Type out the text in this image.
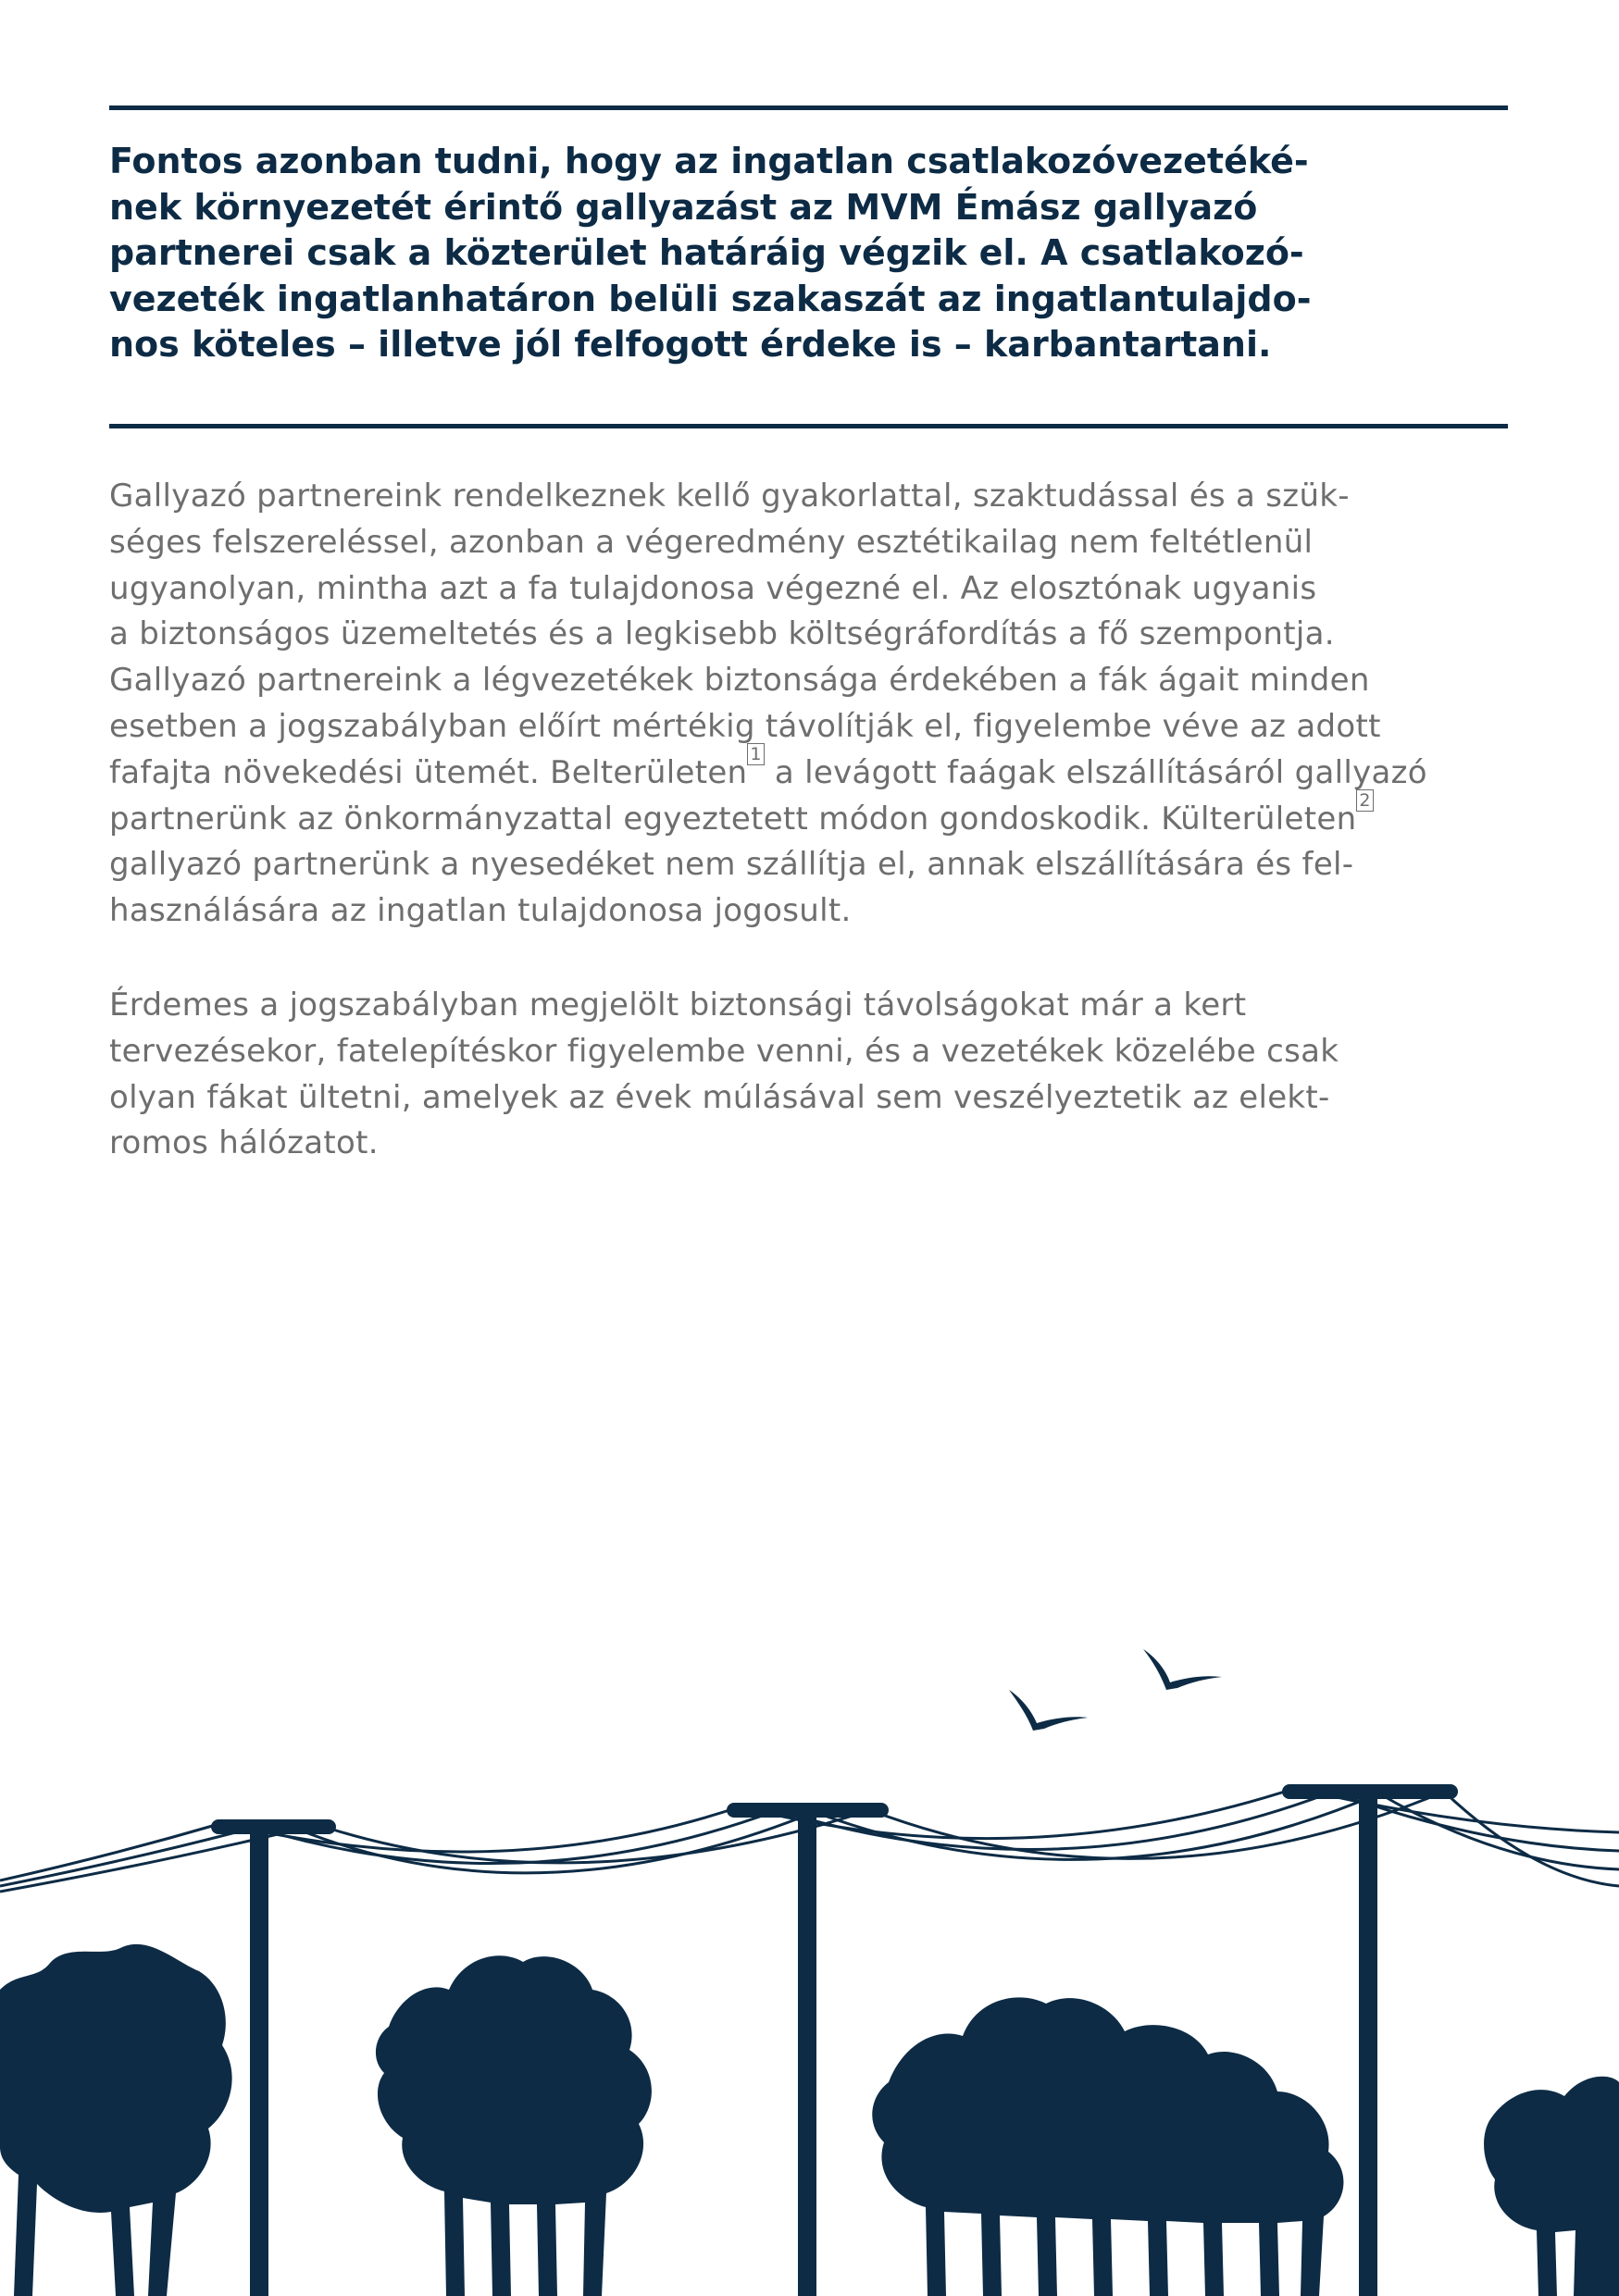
Fontos azonban tudni, hogy az ingatlan csatlakozóvezetéké-
nek környezetét érintő gallyazást az MVM Émász gallyazó
partnerei csak a közterület határáig végzik el. A csatlakozó-
vezeték ingatlanhatáron belüli szakaszát az ingatlantulajdo-
nos köteles – illetve jól felfogott érdeke is – karbantartani.
Gallyazó partnereink rendelkeznek kellő gyakorlattal, szaktudással és a szük-
séges felszereléssel, azonban a végeredmény esztétikailag nem feltétlenül
ugyanolyan, mintha azt a fa tulajdonosa végezné el. Az elosztónak ugyanis
a biztonságos üzemeltetés és a legkisebb költségráfordítás a fő szempontja.
Gallyazó partnereink a légvezetékek biztonsága érdekében a fák ágait minden
esetben a jogszabályban előírt mértékig távolítják el, figyelembe véve az adott
fafajta növekedési ütemét. Belterületen $^1$ a levágott faágak elszállításáról gallyazó
partnerünk az önkormányzattal egyeztetett módon gondoskodik. Külterületen $^2$
gallyazó partnerünk a nyesedéket nem szállítja el, annak elszállítására és fel-
használására az ingatlan tulajdonosa jogosult.
Érdemes a jogszabályban megjelölt biztonsági távolságokat már a kert
tervezésekor, fatelepítéskor figyelembe venni, és a vezetékek közelébe csak
olyan fákat ültetni, amelyek az évek múlásával sem veszélyeztetik az elekt-
romos hálózatot.
